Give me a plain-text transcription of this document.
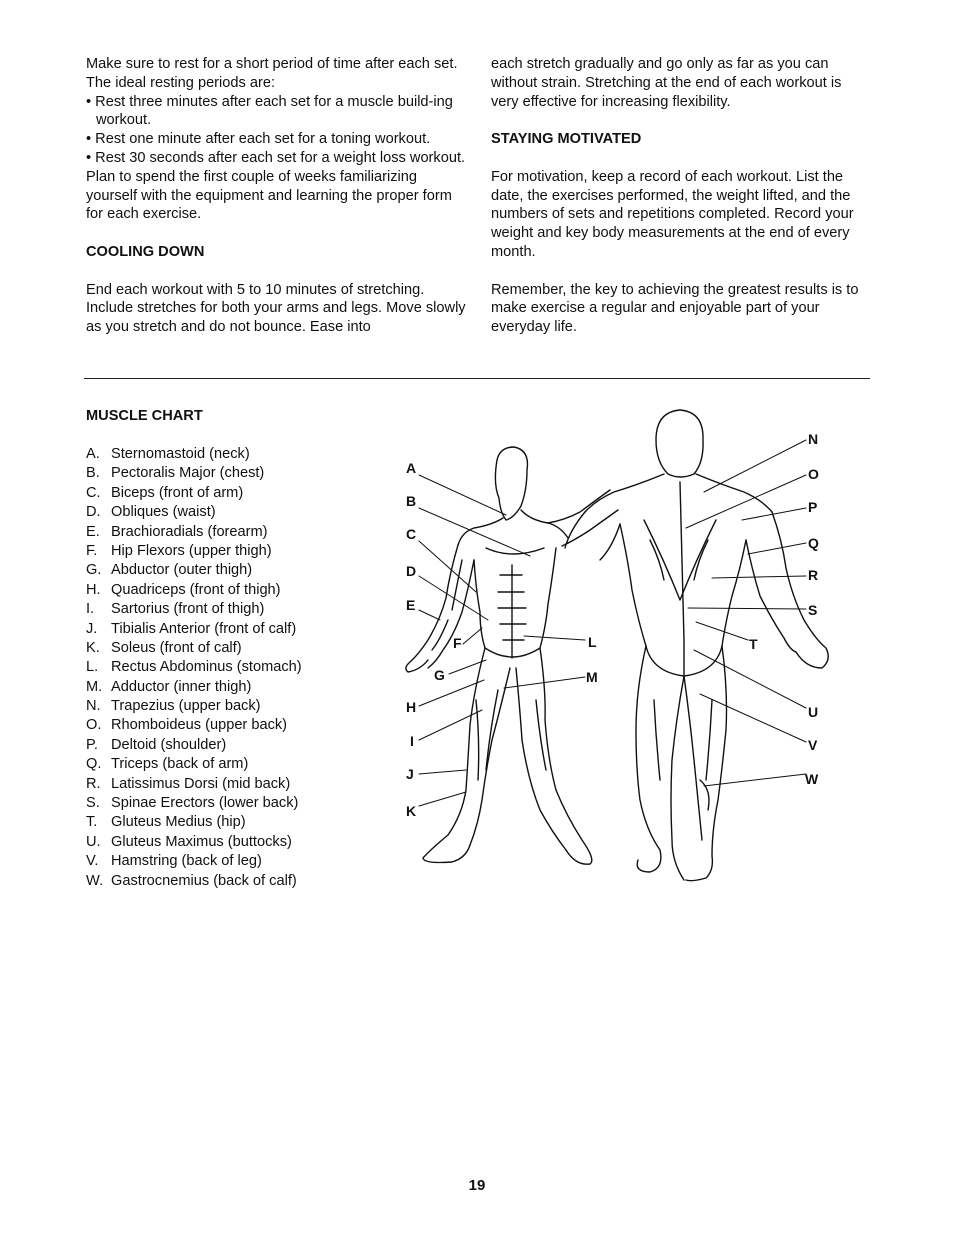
Make sure to rest for a short period of time after each set. The ideal resting periods are:

• Rest three minutes after each set for a muscle build-ing workout.

• Rest one minute after each set for a toning workout.

• Rest 30 seconds after each set for a weight loss workout.

Plan to spend the first couple of weeks familiarizing yourself with the equipment and learning the proper form for each exercise.

COOLING DOWN

End each workout with 5 to 10 minutes of stretching. Include stretches for both your arms and legs. Move slowly as you stretch and do not bounce. Ease into

each stretch gradually and go only as far as you can without strain. Stretching at the end of each workout is very effective for increasing flexibility.

STAYING MOTIVATED

For motivation, keep a record of each workout. List the date, the exercises performed, the weight lifted, and the numbers of sets and repetitions completed. Record your weight and key body measurements at the end of every month.

Remember, the key to achieving the greatest results is to make exercise a regular and enjoyable part of your everyday life.

MUSCLE CHART
A. Sternomastoid (neck)
B. Pectoralis Major (chest)
C. Biceps (front of arm)
D. Obliques (waist)
E. Brachioradials (forearm)
F. Hip Flexors (upper thigh)
G. Abductor (outer thigh)
H. Quadriceps (front of thigh)
I. Sartorius (front of thigh)
J. Tibialis Anterior (front of calf)
K. Soleus (front of calf)
L. Rectus Abdominus (stomach)
M. Adductor (inner thigh)
N. Trapezius (upper back)
O. Rhomboideus (upper back)
P. Deltoid (shoulder)
Q. Triceps (back of arm)
R. Latissimus Dorsi (mid back)
S. Spinae Erectors (lower back)
T. Gluteus Medius (hip)
U. Gluteus Maximus (buttocks)
V. Hamstring (back of leg)
W. Gastrocnemius (back of calf)
A
B
C
D
E
F
G
H
I
J
K
L
M
N
O
P
Q
R
S
T
U
V
W
19
